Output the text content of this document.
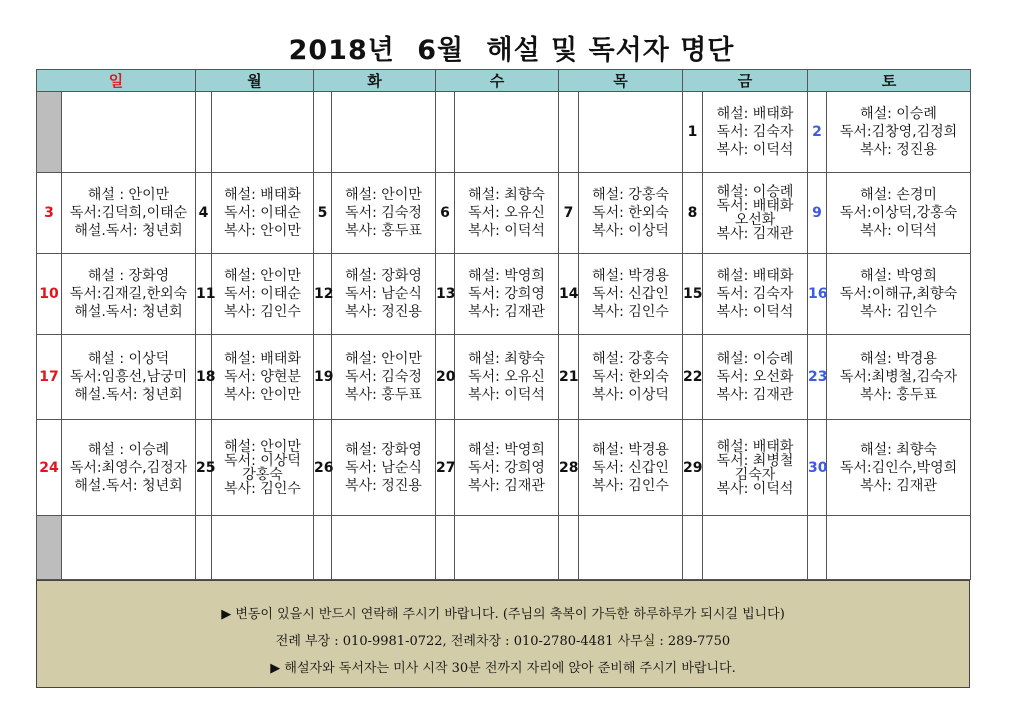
2018년 6월 해설 및 독서자 명단
일		월		화		수		목		금		토	
										1	해설: 배태화
독서: 김숙자
복사: 이덕석	2	해설: 이승례
독서:김창영,김정희
복사: 정진용

3	해설 : 안이만
독서:김덕희,이태순
해설.독서: 청년회	4	해설: 배태화
독서: 이태순
복사: 안이만	5	해설: 안이만
독서: 김숙정
복사: 홍두표	6	해설: 최향숙
독서: 오유신
복사: 이덕석	7	해설: 강홍숙
독서: 한외숙
복사: 이상덕	8	해설: 이승례
독서: 배태화
오선화
복사: 김재관	9	해설: 손경미
독서:이상덕,강홍숙
복사: 이덕석

10	해설 : 장화영
독서:김재길,한외숙
해설.독서: 청년회	11	해설: 안이만
독서: 이태순
복사: 김인수	12	해설: 장화영
독서: 남순식
복사: 정진용	13	해설: 박영희
독서: 강희영
복사: 김재관	14	해설: 박경용
독서: 신갑인
복사: 김인수	15	해설: 배태화
독서: 김숙자
복사: 이덕석	16	해설: 박영희
독서:이해규,최향숙
복사: 김인수

17	해설 : 이상덕
독서:임흥선,남궁미
해설.독서: 청년회	18	해설: 배태화
독서: 양현분
복사: 안이만	19	해설: 안이만
독서: 김숙정
복사: 홍두표	20	해설: 최향숙
독서: 오유신
복사: 이덕석	21	해설: 강홍숙
독서: 한외숙
복사: 이상덕	22	해설: 이승례
독서: 오선화
복사: 김재관	23	해설: 박경용
독서:최병철,김숙자
복사: 홍두표

24	해설 : 이승례
독서:최영수,김정자
해설.독서: 청년회	25	해설: 안이만
독서: 이상덕
강홍숙
복사: 김인수	26	해설: 장화영
독서: 남순식
복사: 정진용	27	해설: 박영희
독서: 강희영
복사: 김재관	28	해설: 박경용
독서: 신갑인
복사: 김인수	29	해설: 배태화
독서: 최병철
김숙자
복사: 이덕석	30	해설: 최향숙
독서:김인수,박영희
복사: 김재관

▶ 변동이 있을시 반드시 연락해 주시기 바랍니다. (주님의 축복이 가득한 하루하루가 되시길 빕니다)
전례 부장 : 010-9981-0722, 전례차장 : 010-2780-4481 사무실 : 289-7750
▶ 해설자와 독서자는 미사 시작 30분 전까지 자리에 앉아 준비해 주시기 바랍니다.
